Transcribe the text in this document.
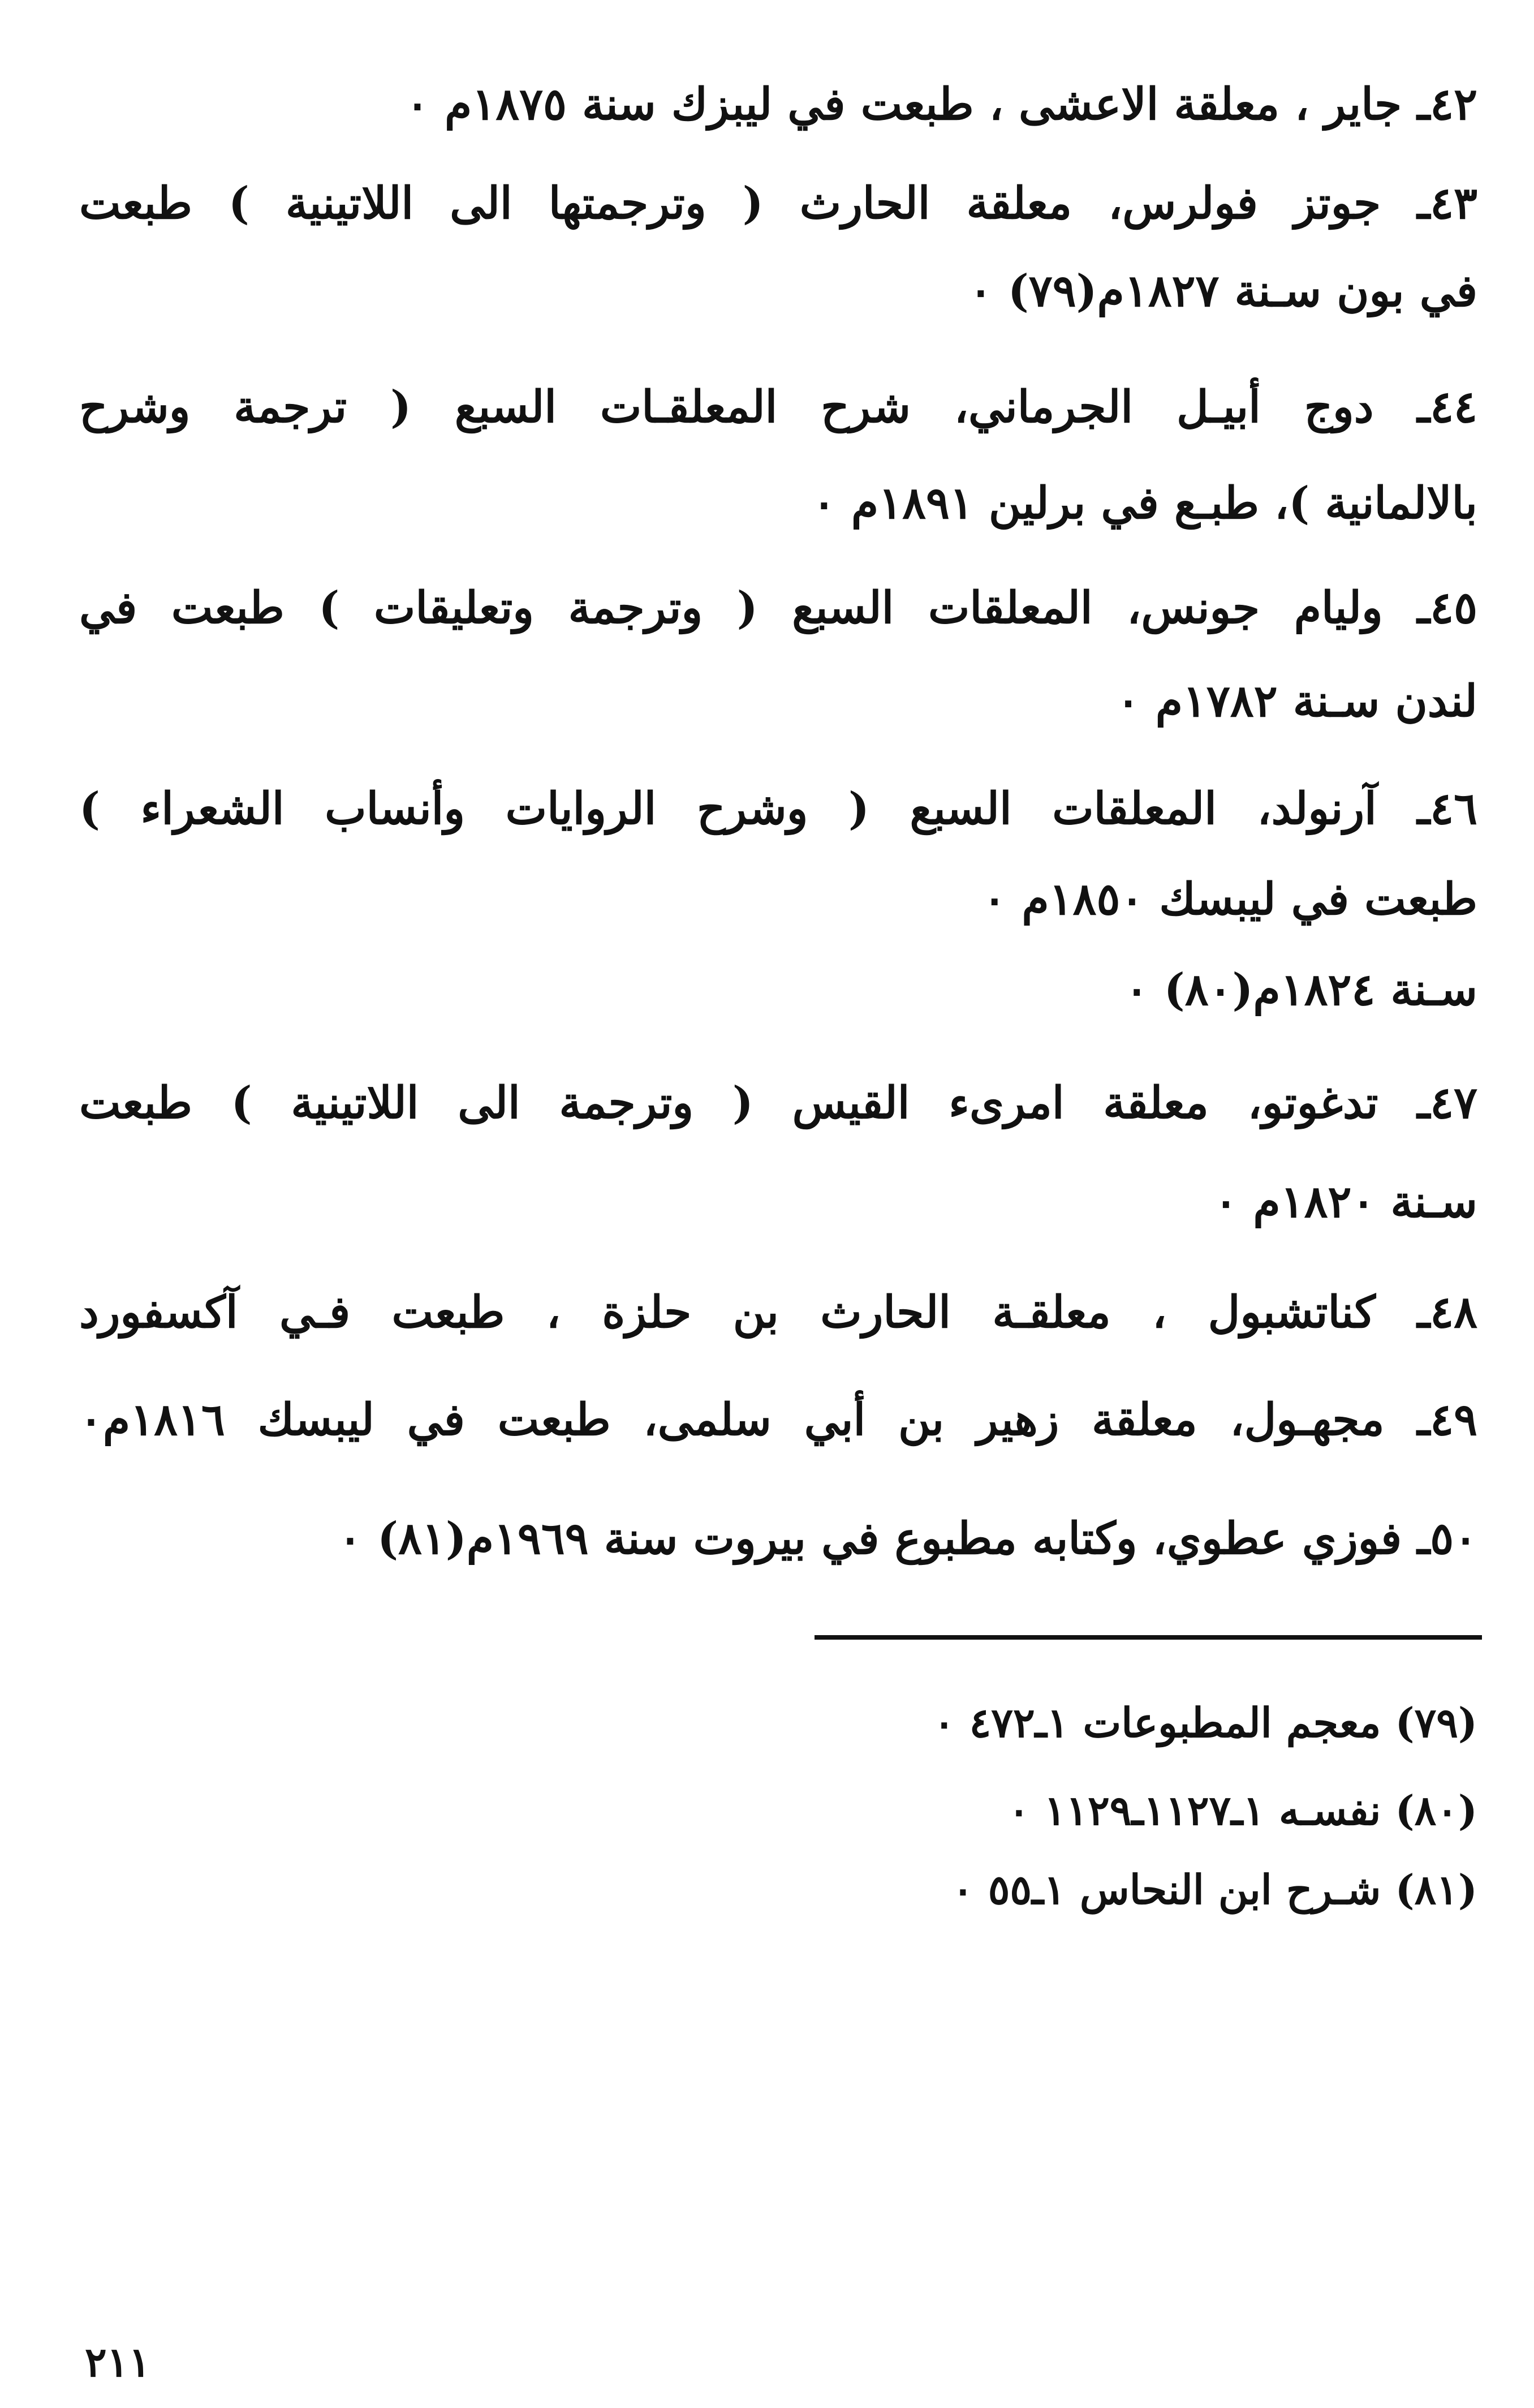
٤٢ـ جاير ، معلقة الاعشى ، طبعت في ليبزك سنة ١٨٧٥م ٠
٤٣ـ جوتز فولرس، معلقة الحارث ( وترجمتها الى اللاتينية ) طبعت
في بون سـنة ١٨٢٧م(٧٩) ٠
٤٤ـ دوج أبيـل الجرماني، شرح المعلقـات السبع ( ترجمة وشرح
بالالمانية )، طبـع في برلين ١٨٩١م ٠
٤٥ـ وليام جونس، المعلقات السبع ( وترجمة وتعليقات ) طبعت في
لندن سـنة ١٧٨٢م ٠
٤٦ـ آرنولد، المعلقات السبع ( وشرح الروايات وأنساب الشعراء )
طبعت في ليبسك ١٨٥٠م ٠
سـنة ١٨٢٤م(٨٠) ٠
٤٧ـ تدغوتو، معلقة امرىء القيس ( وترجمة الى اللاتينية ) طبعت
سـنة ١٨٢٠م ٠
٤٨ـ كناتشبول ، معلقـة الحارث بن حلزة ، طبعت فـي آكسفورد
٤٩ـ مجهـول، معلقة زهير بن أبي سلمى، طبعت في ليبسك ١٨١٦م٠
٥٠ـ فوزي عطوي، وكتابه مطبوع في بيروت سنة ١٩٦٩م(٨١) ٠
(٧٩) معجم المطبوعات ١ـ٤٧٢ ٠
(٨٠) نفسـه ١ـ١١٢٧ـ١١٢٩ ٠
(٨١) شـرح ابن النحاس ١ـ٥٥ ٠
٢١١
